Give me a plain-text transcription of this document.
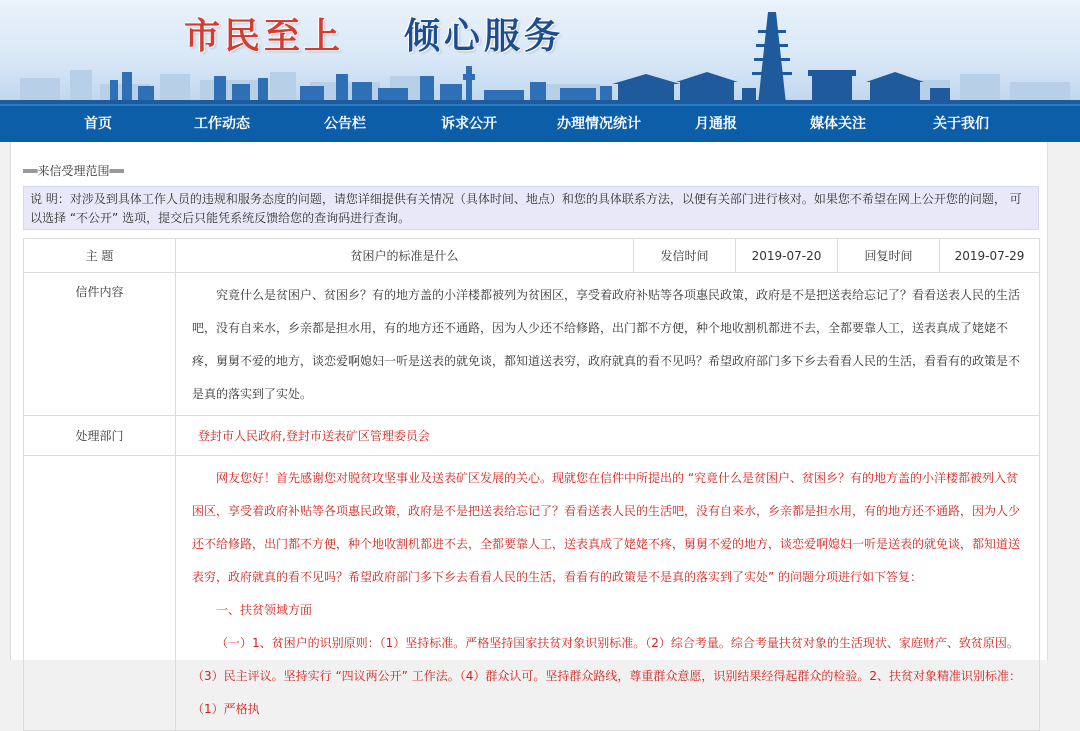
市民至上 倾心服务
首页	工作动态	公告栏	诉求公开	办理情况统计	月通报	媒体关注	关于我们
══来信受理范围══
说 明：对涉及到具体工作人员的违规和服务态度的问题，请您详细提供有关情况（具体时间、地点）和您的具体联系方法，以便有关部门进行核对。如果您不希望在网上公开您的问题， 可以选择 “不公开” 选项，提交后只能凭系统反馈给您的查询码进行查询。
主 题	贫困户的标准是什么	发信时间	2019-07-20	回复时间	2019-07-29
信件内容	究竟什么是贫困户、贫困乡？有的地方盖的小洋楼都被列为贫困区，享受着政府补贴等各项惠民政策，政府是不是把送表给忘记了？看看送表人民的生活吧，没有自来水，乡亲都是担水用，有的地方还不通路，因为人少还不给修路，出门都不方便，种个地收割机都进不去，全都要靠人工，送表真成了姥姥不疼，舅舅不爱的地方，谈恋爱啊媳妇一听是送表的就免谈，都知道送表穷，政府就真的看不见吗？希望政府部门多下乡去看看人民的生活，看看有的政策是不是真的落实到了实处。				
处理部门	登封市人民政府,登封市送表矿区管理委员会				

	网友您好！首先感谢您对脱贫攻坚事业及送表矿区发展的关心。现就您在信件中所提出的 “究竟什么是贫困户、贫困乡？有的地方盖的小洋楼都被列入贫困区，享受着政府补贴等各项惠民政策，政府是不是把送表给忘记了？看看送表人民的生活吧，没有自来水，乡亲都是担水用，有的地方还不通路，因为人少还不给修路，出门都不方便，种个地收割机都进不去，全都要靠人工，送表真成了姥姥不疼，舅舅不爱的地方，谈恋爱啊媳妇一听是送表的就免谈，都知道送表穷，政府就真的看不见吗？希望政府部门多下乡去看看人民的生活，看看有的政策是不是真的落实到了实处” 的问题分项进行如下答复：

一、扶贫领域方面

（一）1、贫困户的识别原则：（1）坚持标准。严格坚持国家扶贫对象识别标准。（2）综合考量。综合考量扶贫对象的生活现状、家庭财产、致贫原因。（3）民主评议。坚持实行 “四议两公开” 工作法。（4）群众认可。坚持群众路线，尊重群众意愿，识别结果经得起群众的检验。2、扶贫对象精准识别标准：（1）严格执				
